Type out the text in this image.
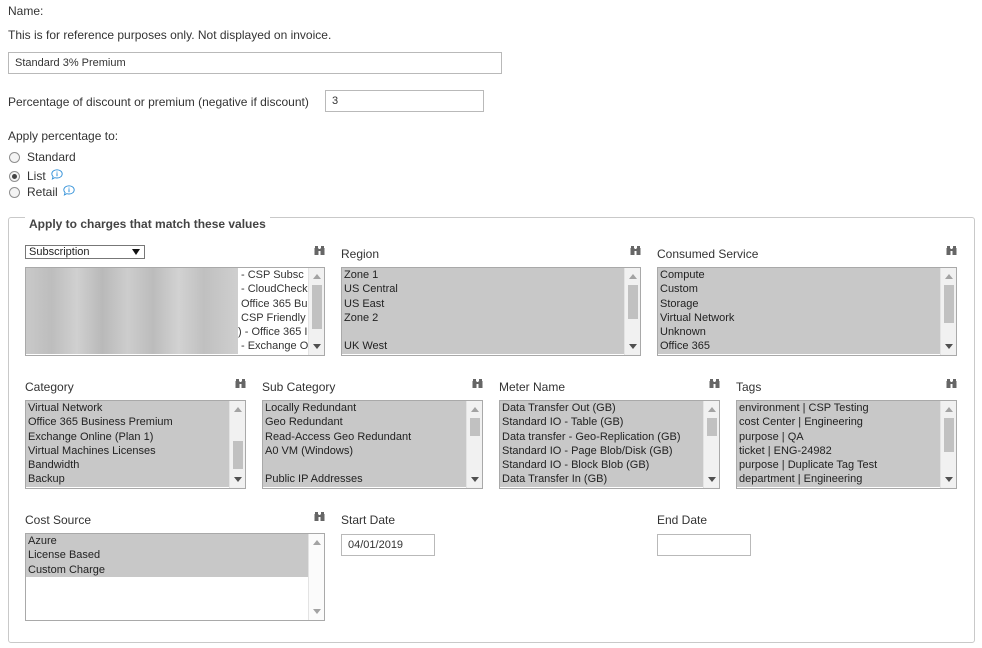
Name:
This is for reference purposes only. Not displayed on invoice.
Standard 3% Premium
Percentage of discount or premium (negative if discount)
3
Apply percentage to:
Standard
List
Retail
Apply to charges that match these values
Subscription
- CSP Subsc
- CloudCheck
Office 365 Bu
CSP Friendly
) - Office 365 I
- Exchange O
Region
Zone 1
US Central
US East
Zone 2
UK West
Consumed Service
Compute
Custom
Storage
Virtual Network
Unknown
Office 365
Category
Virtual Network
Office 365 Business Premium
Exchange Online (Plan 1)
Virtual Machines Licenses
Bandwidth
Backup
Sub Category
Locally Redundant
Geo Redundant
Read-Access Geo Redundant
A0 VM (Windows)
Public IP Addresses
Meter Name
Data Transfer Out (GB)
Standard IO - Table (GB)
Data transfer - Geo-Replication (GB)
Standard IO - Page Blob/Disk (GB)
Standard IO - Block Blob (GB)
Data Transfer In (GB)
Tags
environment | CSP Testing
cost Center | Engineering
purpose | QA
ticket | ENG-24982
purpose | Duplicate Tag Test
department | Engineering
Cost Source
Azure
License Based
Custom Charge
Start Date
04/01/2019	End Date
